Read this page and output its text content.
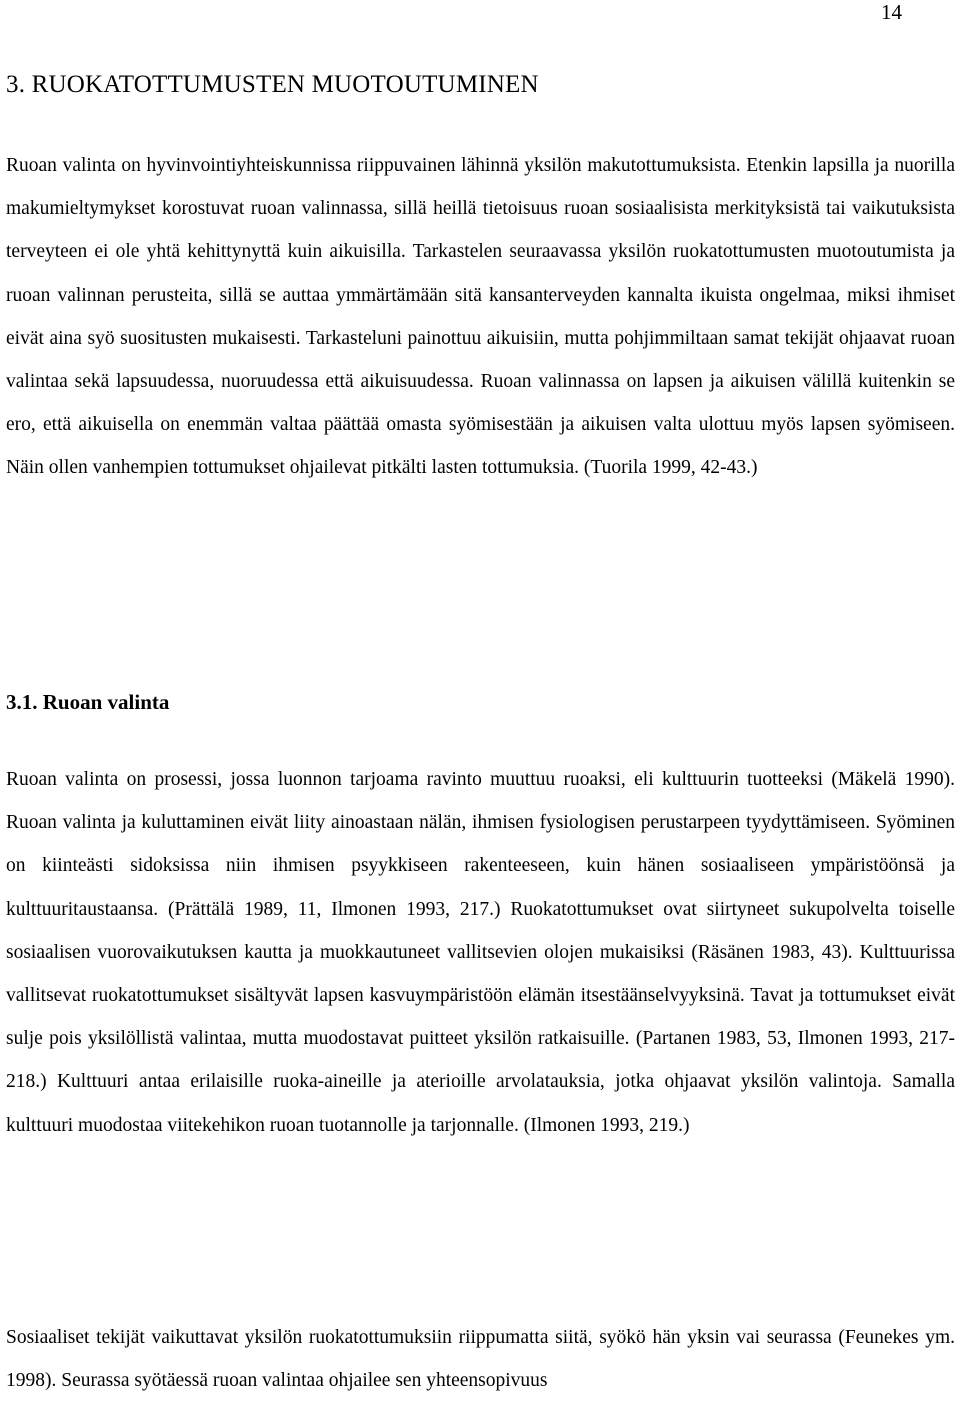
14
3. RUOKATOTTUMUSTEN MUOTOUTUMINEN

Ruoan valinta on hyvinvointiyhteiskunnissa riippuvainen lähinnä yksilön makutottumuksista. Etenkin lapsilla ja nuorilla makumieltymykset korostuvat ruoan valinnassa, sillä heillä tietoisuus ruoan sosiaalisista merkityksistä tai vaikutuksista terveyteen ei ole yhtä kehittynyttä kuin aikuisilla. Tarkastelen seuraavassa yksilön ruokatottumusten muotoutumista ja ruoan valinnan perusteita, sillä se auttaa ymmärtämään sitä kansanterveyden kannalta ikuista ongelmaa, miksi ihmiset eivät aina syö suositusten mukaisesti. Tarkasteluni painottuu aikuisiin, mutta pohjimmiltaan samat tekijät ohjaavat ruoan valintaa sekä lapsuudessa, nuoruudessa että aikuisuudessa. Ruoan valinnassa on lapsen ja aikuisen välillä kuitenkin se ero, että aikuisella on enemmän valtaa päättää omasta syömisestään ja aikuisen valta ulottuu myös lapsen syömiseen. Näin ollen vanhempien tottumukset ohjailevat pitkälti lasten tottumuksia. (Tuorila 1999, 42-43.)

3.1. Ruoan valinta

Ruoan valinta on prosessi, jossa luonnon tarjoama ravinto muuttuu ruoaksi, eli kulttuurin tuotteeksi (Mäkelä 1990). Ruoan valinta ja kuluttaminen eivät liity ainoastaan nälän, ihmisen fysiologisen perustarpeen tyydyttämiseen. Syöminen on kiinteästi sidoksissa niin ihmisen psyykkiseen rakenteeseen, kuin hänen sosiaaliseen ympäristöönsä ja kulttuuritaustaansa. (Prättälä 1989, 11, Ilmonen 1993, 217.) Ruokatottumukset ovat siirtyneet sukupolvelta toiselle sosiaalisen vuorovaikutuksen kautta ja muokkautuneet vallitsevien olojen mukaisiksi (Räsänen 1983, 43). Kulttuurissa vallitsevat ruokatottumukset sisältyvät lapsen kasvuympäristöön elämän itsestäänselvyyksinä. Tavat ja tottumukset eivät sulje pois yksilöllistä valintaa, mutta muodostavat puitteet yksilön ratkaisuille. (Partanen 1983, 53, Ilmonen 1993, 217-218.) Kulttuuri antaa erilaisille ruoka-aineille ja aterioille arvolatauksia, jotka ohjaavat yksilön valintoja. Samalla kulttuuri muodostaa viitekehikon ruoan tuotannolle ja tarjonnalle. (Ilmonen 1993, 219.)

Sosiaaliset tekijät vaikuttavat yksilön ruokatottumuksiin riippumatta siitä, syökö hän yksin vai seurassa (Feunekes ym. 1998). Seurassa syötäessä ruoan valintaa ohjailee sen yhteensopivuus
